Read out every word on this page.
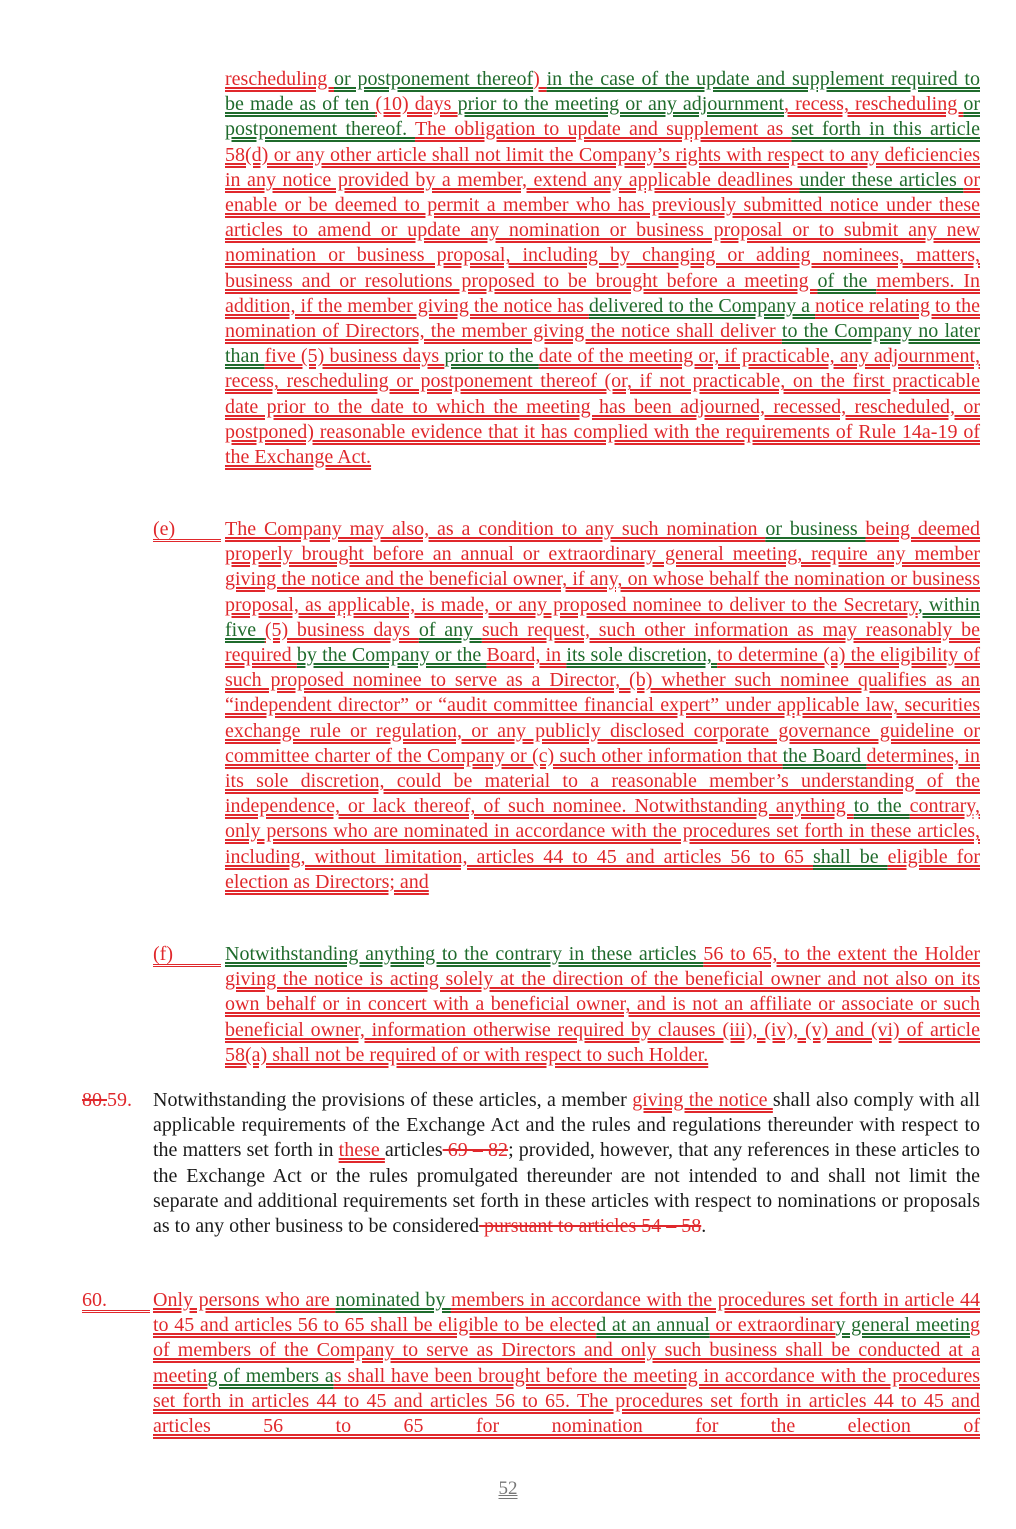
rescheduling or postponement thereof) in the case of the update and supplement required to be made as of ten (10) days prior to the meeting or any adjournment, recess, rescheduling or postponement thereof. The obligation to update and supplement as set forth in this article 58(d) or any other article shall not limit the Company’s rights with respect to any deficiencies in any notice provided by a member, extend any applicable deadlines under these articles or enable or be deemed to permit a member who has previously submitted notice under these articles to amend or update any nomination or business proposal or to submit any new nomination or business proposal, including by changing or adding nominees, matters, business and or resolutions proposed to be brought before a meeting of the members. In addition, if the member giving the notice has delivered to the Company a notice relating to the nomination of Directors, the member giving the notice shall deliver to the Company no later than five (5) business days prior to the date of the meeting or, if practicable, any adjournment, recess, rescheduling or postponement thereof (or, if not practicable, on the first practicable date prior to the date to which the meeting has been adjourned, recessed, rescheduled, or postponed) reasonable evidence that it has complied with the requirements of Rule 14a-19 of the Exchange Act.
(e)	The Company may also, as a condition to any such nomination or business being deemed properly brought before an annual or extraordinary general meeting, require any member giving the notice and the beneficial owner, if any, on whose behalf the nomination or business proposal, as applicable, is made, or any proposed nominee to deliver to the Secretary, within five (5) business days of any such request, such other information as may reasonably be required by the Company or the Board, in its sole discretion, to determine (a) the eligibility of such proposed nominee to serve as a Director, (b) whether such nominee qualifies as an “independent director” or “audit committee financial expert” under applicable law, securities exchange rule or regulation, or any publicly disclosed corporate governance guideline or committee charter of the Company or (c) such other information that the Board determines, in its sole discretion, could be material to a reasonable member’s understanding of the independence, or lack thereof, of such nominee. Notwithstanding anything to the contrary, only persons who are nominated in accordance with the procedures set forth in these articles, including, without limitation, articles 44 to 45 and articles 56 to 65 shall be eligible for election as Directors; and
(f)	Notwithstanding anything to the contrary in these articles 56 to 65, to the extent the Holder giving the notice is acting solely at the direction of the beneficial owner and not also on its own behalf or in concert with a beneficial owner, and is not an affiliate or associate or such beneficial owner, information otherwise required by clauses (iii), (iv), (v) and (vi) of article 58(a) shall not be required of or with respect to such Holder.
80.59.	Notwithstanding the provisions of these articles, a member giving the notice shall also comply with all applicable requirements of the Exchange Act and the rules and regulations thereunder with respect to the matters set forth in these articles 69 – 82; provided, however, that any references in these articles to the Exchange Act or the rules promulgated thereunder are not intended to and shall not limit the separate and additional requirements set forth in these articles with respect to nominations or proposals as to any other business to be considered pursuant to articles 54 – 58.
60.	Only persons who are nominated by members in accordance with the procedures set forth in article 44 to 45 and articles 56 to 65 shall be eligible to be elected at an annual or extraordinary general meeting of members of the Company to serve as Directors and only such business shall be conducted at a meeting of members as shall have been brought before the meeting in accordance with the procedures set forth in articles 44 to 45 and articles 56 to 65. The procedures set forth in articles 44 to 45 and articles 56 to 65 for nomination for the election of
52
